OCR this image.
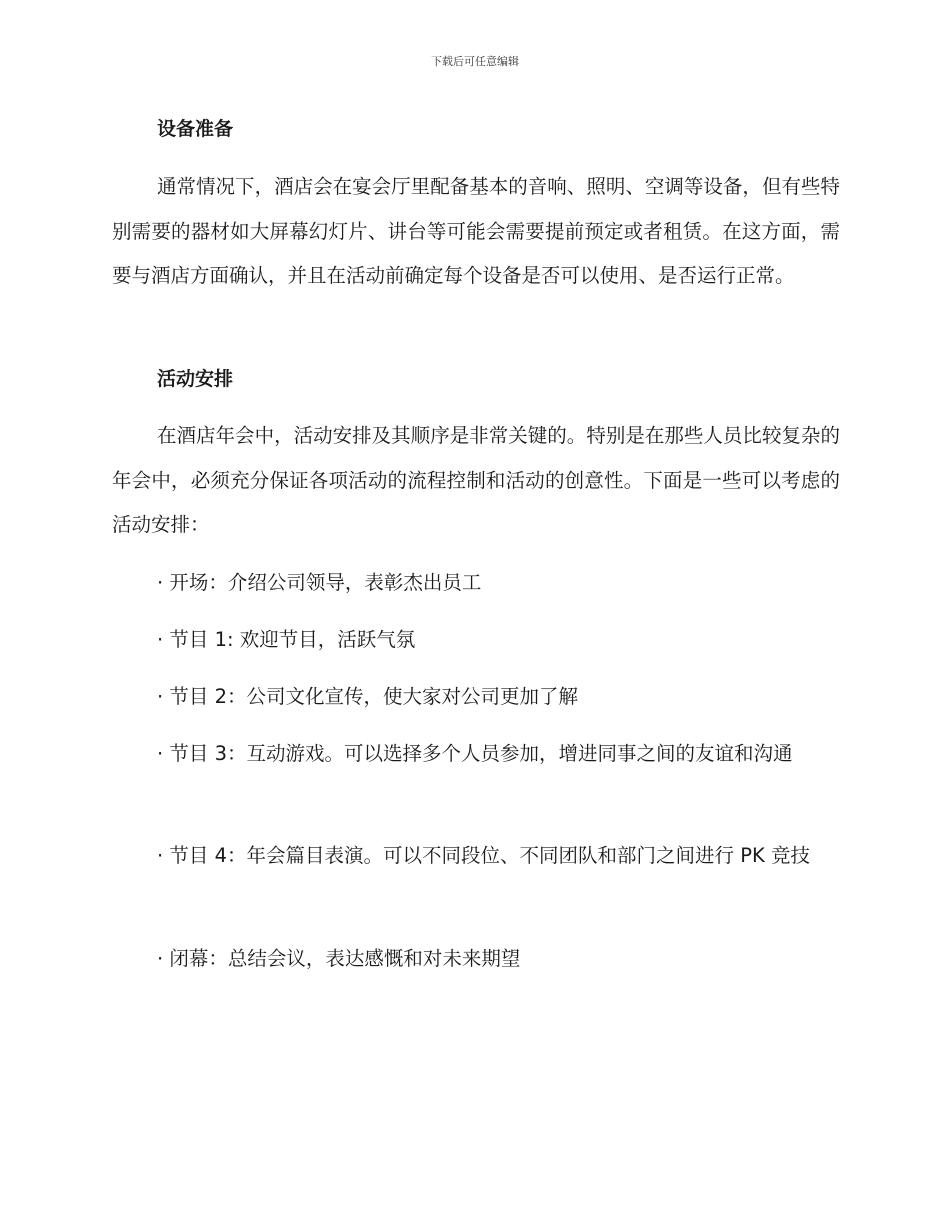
下载后可任意编辑
设备准备

通常情况下，酒店会在宴会厅里配备基本的音响、照明、空调等设备，但有些特别需要的器材如大屏幕幻灯片、讲台等可能会需要提前预定或者租赁。在这方面，需要与酒店方面确认，并且在活动前确定每个设备是否可以使用、是否运行正常。

活动安排

在酒店年会中，活动安排及其顺序是非常关键的。特别是在那些人员比较复杂的年会中，必须充分保证各项活动的流程控制和活动的创意性。下面是一些可以考虑的活动安排：

· 开场：介绍公司领导，表彰杰出员工

· 节目 1: 欢迎节目，活跃气氛

· 节目 2：公司文化宣传，使大家对公司更加了解

· 节目 3：互动游戏。可以选择多个人员参加，增进同事之间的友谊和沟通

· 节目 4：年会篇目表演。可以不同段位、不同团队和部门之间进行 PK 竞技

· 闭幕：总结会议，表达感慨和对未来期望
